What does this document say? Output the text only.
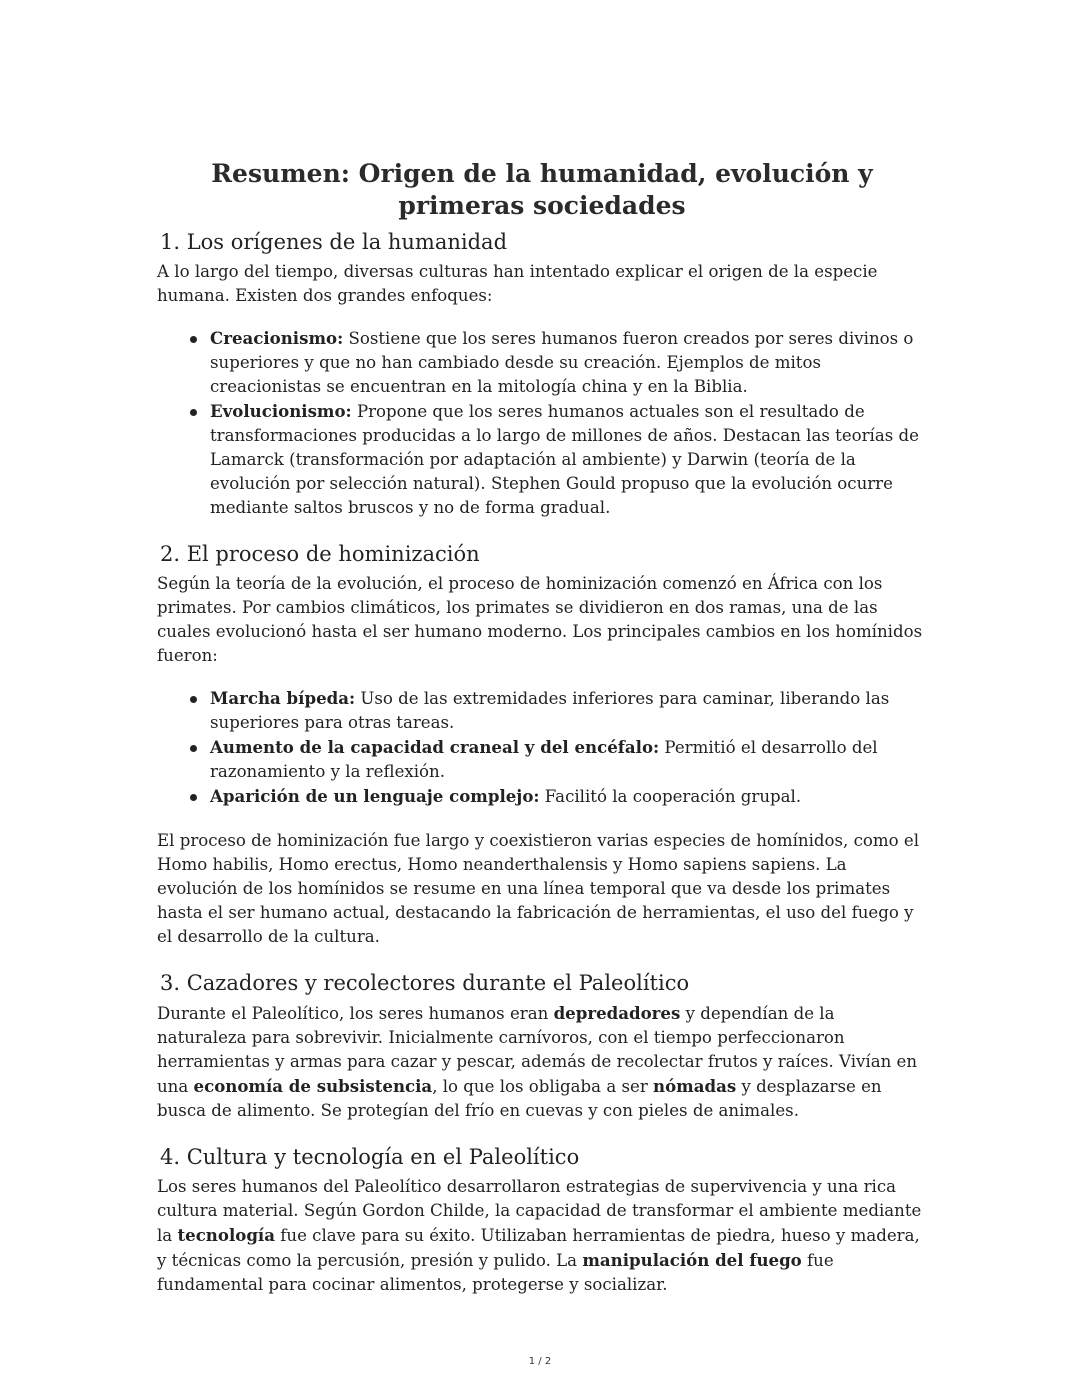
Resumen: Origen de la humanidad, evolución y primeras sociedades
1. Los orígenes de la humanidad

A lo largo del tiempo, diversas culturas han intentado explicar el origen de la especie humana. Existen dos grandes enfoques:

Creacionismo: Sostiene que los seres humanos fueron creados por seres divinos o superiores y que no han cambiado desde su creación. Ejemplos de mitos creacionistas se encuentran en la mitología china y en la Biblia.
Evolucionismo: Propone que los seres humanos actuales son el resultado de transformaciones producidas a lo largo de millones de años. Destacan las teorías de Lamarck (transformación por adaptación al ambiente) y Darwin (teoría de la evolución por selección natural). Stephen Gould propuso que la evolución ocurre mediante saltos bruscos y no de forma gradual.
2. El proceso de hominización

Según la teoría de la evolución, el proceso de hominización comenzó en África con los primates. Por cambios climáticos, los primates se dividieron en dos ramas, una de las cuales evolucionó hasta el ser humano moderno. Los principales cambios en los homínidos fueron:

Marcha bípeda: Uso de las extremidades inferiores para caminar, liberando las superiores para otras tareas.
Aumento de la capacidad craneal y del encéfalo: Permitió el desarrollo del razonamiento y la reflexión.
Aparición de un lenguaje complejo: Facilitó la cooperación grupal.

El proceso de hominización fue largo y coexistieron varias especies de homínidos, como el Homo habilis, Homo erectus, Homo neanderthalensis y Homo sapiens sapiens. La evolución de los homínidos se resume en una línea temporal que va desde los primates hasta el ser humano actual, destacando la fabricación de herramientas, el uso del fuego y el desarrollo de la cultura.

3. Cazadores y recolectores durante el Paleolítico

Durante el Paleolítico, los seres humanos eran depredadores y dependían de la naturaleza para sobrevivir. Inicialmente carnívoros, con el tiempo perfeccionaron herramientas y armas para cazar y pescar, además de recolectar frutos y raíces. Vivían en una economía de subsistencia, lo que los obligaba a ser nómadas y desplazarse en busca de alimento. Se protegían del frío en cuevas y con pieles de animales.

4. Cultura y tecnología en el Paleolítico

Los seres humanos del Paleolítico desarrollaron estrategias de supervivencia y una rica cultura material. Según Gordon Childe, la capacidad de transformar el ambiente mediante la tecnología fue clave para su éxito. Utilizaban herramientas de piedra, hueso y madera, y técnicas como la percusión, presión y pulido. La manipulación del fuego fue fundamental para cocinar alimentos, protegerse y socializar.

1 / 2
